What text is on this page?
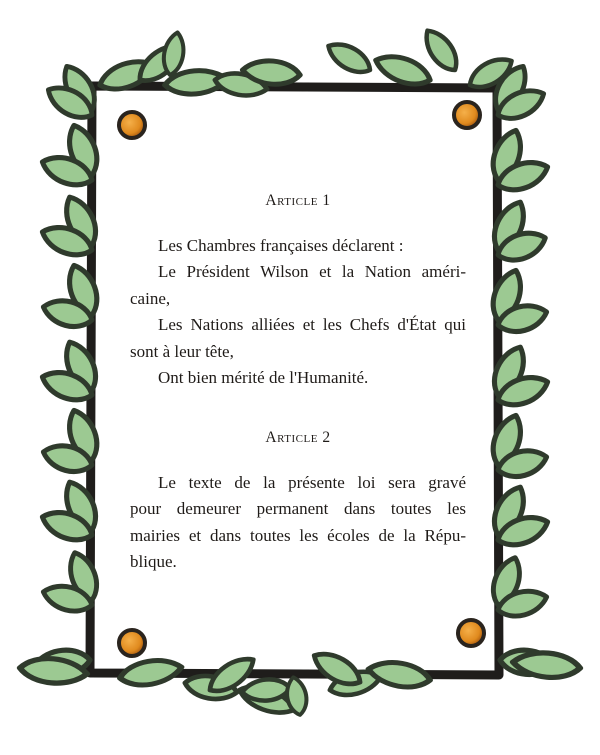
Article 1

Les Chambres françaises déclarent :

Le Président Wilson et la Nation améri-

caine,

Les Nations alliées et les Chefs d'État qui

sont à leur tête,

Ont bien mérité de l'Humanité.

Article 2

Le texte de la présente loi sera gravé

pour demeurer permanent dans toutes les

mairies et dans toutes les écoles de la Répu-

blique.
